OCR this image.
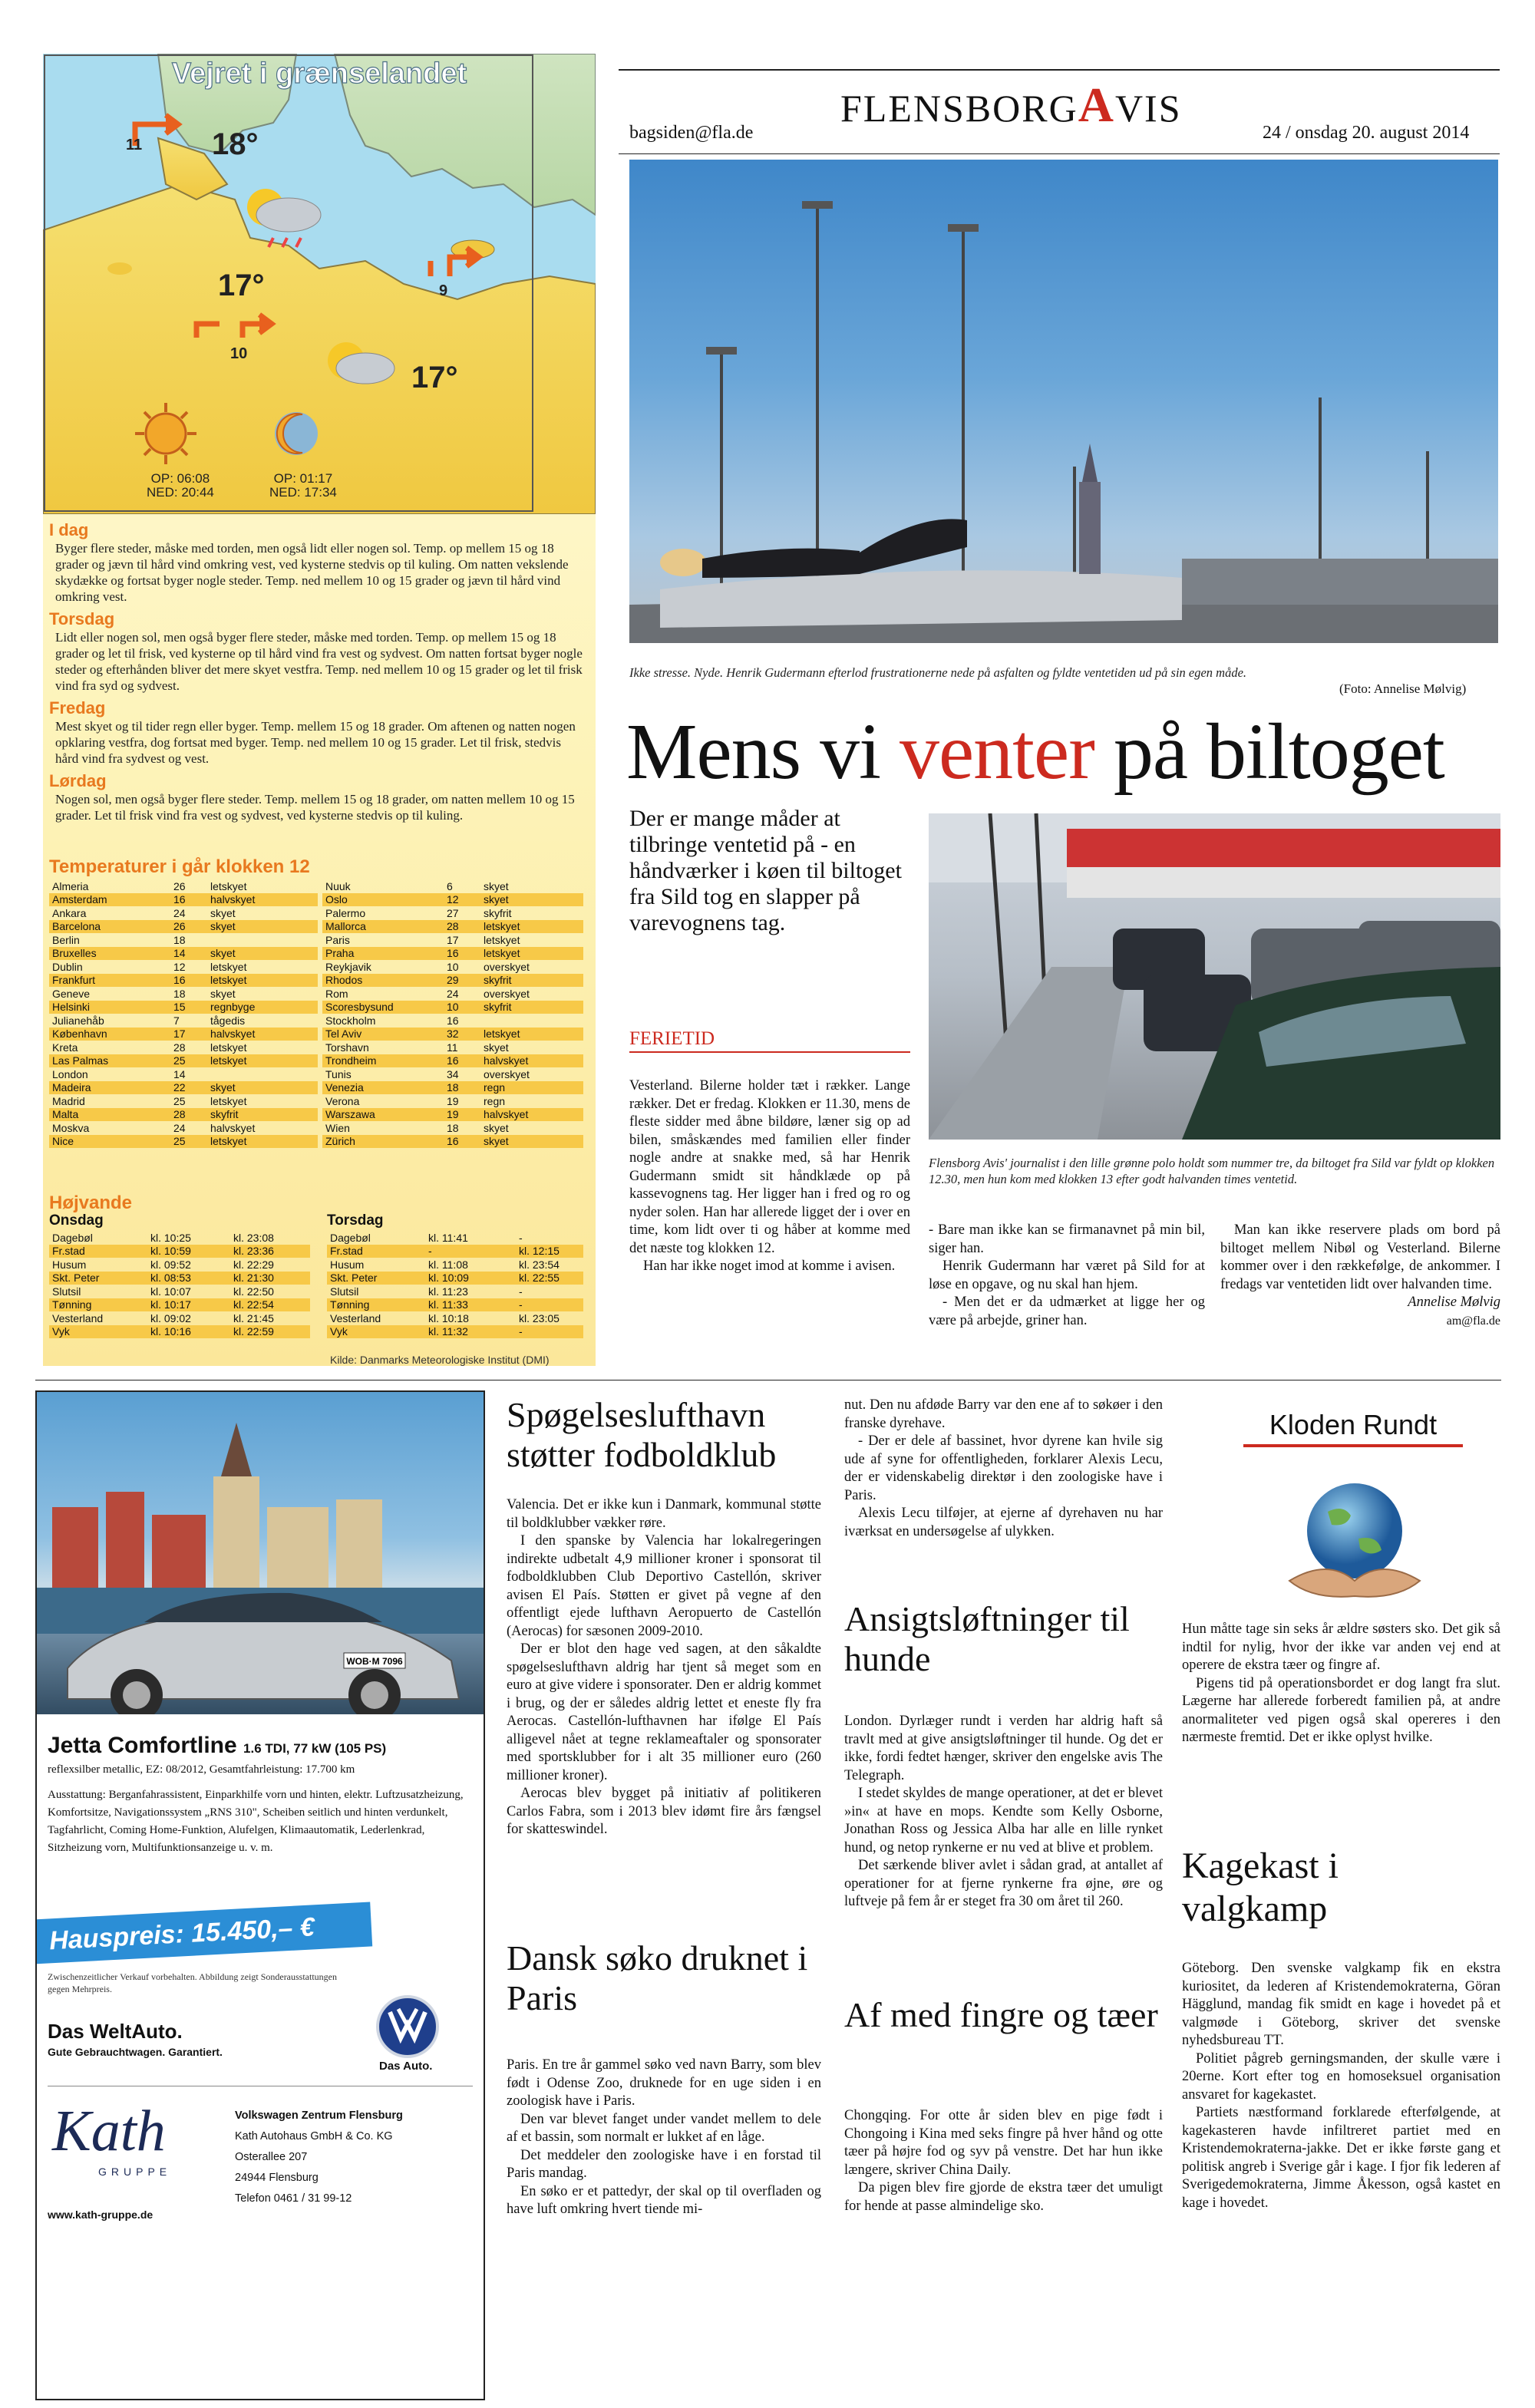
Vejret i grænselandet
11 18°
17°	9
10
17°
OP: 06:08
NED: 20:44
OP: 01:17
NED: 17:34
I dag
Byger flere steder, måske med torden, men også lidt eller nogen sol. Temp. op mellem 15 og 18 grader og jævn til hård vind omkring vest, ved kysterne stedvis op til kuling. Om natten vekslende skydække og fortsat byger nogle steder. Temp. ned mellem 10 og 15 grader og jævn til hård vind omkring vest.
Torsdag
Lidt eller nogen sol, men også byger flere steder, måske med torden. Temp. op mellem 15 og 18 grader og let til frisk, ved kysterne op til hård vind fra vest og sydvest. Om natten fortsat byger nogle steder og efterhånden bliver det mere skyet vestfra. Temp. ned mellem 10 og 15 grader og let til frisk vind fra syd og sydvest.
Fredag
Mest skyet og til tider regn eller byger. Temp. mellem 15 og 18 grader. Om aftenen og natten nogen opklaring vestfra, dog fortsat med byger. Temp. ned mellem 10 og 15 grader. Let til frisk, stedvis hård vind fra sydvest og vest.
Lørdag
Nogen sol, men også byger flere steder. Temp. mellem 15 og 18 grader, om natten mellem 10 og 15 grader. Let til frisk vind fra vest og sydvest, ved kysterne stedvis op til kuling.
Temperaturer i går klokken 12
Almeria	26	letskyet
Amsterdam	16	halvskyet
Ankara	24	skyet
Barcelona	26	skyet
Berlin	18	
Bruxelles	14	skyet
Dublin	12	letskyet
Frankfurt	16	letskyet
Geneve	18	skyet
Helsinki	15	regnbyge
Julianehåb	7	tågedis
København	17	halvskyet
Kreta	28	letskyet
Las Palmas	25	letskyet
London	14	
Madeira	22	skyet
Madrid	25	letskyet
Malta	28	skyfrit
Moskva	24	halvskyet
Nice	25	letskyet
Nuuk	6	skyet
Oslo	12	skyet
Palermo	27	skyfrit
Mallorca	28	letskyet
Paris	17	letskyet
Praha	16	letskyet
Reykjavik	10	overskyet
Rhodos	29	skyfrit
Rom	24	overskyet
Scoresbysund	10	skyfrit
Stockholm	16	
Tel Aviv	32	letskyet
Torshavn	11	skyet
Trondheim	16	halvskyet
Tunis	34	overskyet
Venezia	18	regn
Verona	19	regn
Warszawa	19	halvskyet
Wien	18	skyet
Zürich	16	skyet
Højvande
Onsdag	Torsdag
Dagebøl	kl. 10:25	kl. 23:08
Fr.stad	kl. 10:59	kl. 23:36
Husum	kl. 09:52	kl. 22:29
Skt. Peter	kl. 08:53	kl. 21:30
Slutsil	kl. 10:07	kl. 22:50
Tønning	kl. 10:17	kl. 22:54
Vesterland	kl. 09:02	kl. 21:45
Vyk	kl. 10:16	kl. 22:59
Dagebøl	kl. 11:41	-
Fr.stad	-	kl. 12:15
Husum	kl. 11:08	kl. 23:54
Skt. Peter	kl. 10:09	kl. 22:55
Slutsil	kl. 11:23	-
Tønning	kl. 11:33	-
Vesterland	kl. 10:18	kl. 23:05
Vyk	kl. 11:32	-
Kilde: Danmarks Meteorologiske Institut (DMI)
bagsiden@fla.de
FLENSBORGAVIS
24 / onsdag 20. august 2014
Ikke stresse. Nyde. Henrik Gudermann efterlod frustrationerne nede på asfalten og fyldte ventetiden ud på sin egen måde.
(Foto: Annelise Mølvig)
Mens vi venter på biltoget
Der er mange måder at tilbringe ventetid på - en håndværker i køen til biltoget fra Sild tog en slapper på varevognens tag.
FERIETID

Vesterland. Bilerne holder tæt i rækker. Lange rækker. Det er fredag. Klokken er 11.30, mens de fleste sidder med åbne bildøre, læner sig op ad bilen, småskændes med familien eller finder nogle andre at snakke med, så har Henrik Gudermann smidt sit håndklæde op på kassevognens tag. Her ligger han i fred og ro og nyder solen. Han har allerede ligget der i over en time, kom lidt over ti og håber at komme med det næste tog klokken 12.

Han har ikke noget imod at komme i avisen.

Flensborg Avis' journalist i den lille grønne polo holdt som nummer tre, da biltoget fra Sild var fyldt op klokken 12.30, men hun kom med klokken 13 efter godt halvanden times ventetid.

- Bare man ikke kan se firmanavnet på min bil, siger han.

Henrik Gudermann har været på Sild for at løse en opgave, og nu skal han hjem.

- Men det er da udmærket at ligge her og være på arbejde, griner han.

Man kan ikke reservere plads om bord på biltoget mellem Nibøl og Vesterland. Bilerne kommer over i den rækkefølge, de ankommer. I fredags var ventetiden lidt over halvanden time.

Annelise Mølvig
am@fla.de
WOB·M 7096
Jetta Comfortline 1.6 TDI, 77 kW (105 PS)
reflexsilber metallic, EZ: 08/2012, Gesamtfahrleistung: 17.700 km
Ausstattung: Berganfahrassistent, Einparkhilfe vorn und hinten, elektr. Luftzusatzheizung, Komfortsitze, Navigationssystem „RNS 310", Scheiben seitlich und hinten verdunkelt, Tagfahrlicht, Coming Home-Funktion, Alufelgen, Klimaautomatik, Lederlenkrad, Sitzheizung vorn, Multifunktionsanzeige u. v. m.
Hauspreis: 15.450,– €
Zwischenzeitlicher Verkauf vorbehalten. Abbildung zeigt Sonderausstattungen gegen Mehrpreis.
Das WeltAuto.
Gute Gebrauchtwagen. Garantiert.
Das Auto.
Kath
GRUPPE
www.kath-gruppe.de
Volkswagen Zentrum Flensburg
Kath Autohaus GmbH & Co. KG
Osterallee 207
24944 Flensburg
Telefon 0461 / 31 99-12
Spøgelseslufthavn støtter fodboldklub

Valencia. Det er ikke kun i Danmark, kommunal støtte til boldklubber vækker røre.

I den spanske by Valencia har lokalregeringen indirekte udbetalt 4,9 millioner kroner i sponsorat til fodboldklubben Club Deportivo Castellón, skriver avisen El País. Støtten er givet på vegne af den offentligt ejede lufthavn Aeropuerto de Castellón (Aerocas) for sæsonen 2009-2010.

Der er blot den hage ved sagen, at den såkaldte spøgelseslufthavn aldrig har tjent så meget som en euro at give videre i sponsorater. Den er aldrig kommet i brug, og der er således aldrig lettet et eneste fly fra Aerocas. Castellón-lufthavnen har ifølge El País alligevel nået at tegne reklameaftaler og sponsorater med sportsklubber for i alt 35 millioner euro (260 millioner kroner).

Aerocas blev bygget på initiativ af politikeren Carlos Fabra, som i 2013 blev idømt fire års fængsel for skatteswindel.

Dansk søko druknet i Paris

Paris. En tre år gammel søko ved navn Barry, som blev født i Odense Zoo, druknede for en uge siden i en zoologisk have i Paris.

Den var blevet fanget under vandet mellem to dele af et bassin, som normalt er lukket af en låge.

Det meddeler den zoologiske have i en forstad til Paris mandag.

En søko er et pattedyr, der skal op til overfladen og have luft omkring hvert tiende mi-

nut. Den nu afdøde Barry var den ene af to søkøer i den franske dyrehave.

- Der er dele af bassinet, hvor dyrene kan hvile sig ude af syne for offentligheden, forklarer Alexis Lecu, der er videnskabelig direktør i den zoologiske have i Paris.

Alexis Lecu tilføjer, at ejerne af dyrehaven nu har iværksat en undersøgelse af ulykken.

Ansigtsløftninger til hunde

London. Dyrlæger rundt i verden har aldrig haft så travlt med at give ansigtsløftninger til hunde. Og det er ikke, fordi fedtet hænger, skriver den engelske avis The Telegraph.

I stedet skyldes de mange operationer, at det er blevet »in« at have en mops. Kendte som Kelly Osborne, Jonathan Ross og Jessica Alba har alle en lille rynket hund, og netop rynkerne er nu ved at blive et problem.

Det særkende bliver avlet i sådan grad, at antallet af operationer for at fjerne rynkerne fra øjne, øre og luftveje på fem år er steget fra 30 om året til 260.

Af med fingre og tæer

Chongqing. For otte år siden blev en pige født i Chongoing i Kina med seks fingre på hver hånd og otte tæer på højre fod og syv på venstre. Det har hun ikke længere, skriver China Daily.

Da pigen blev fire gjorde de ekstra tæer det umuligt for hende at passe almindelige sko.

Kloden Rundt

Hun måtte tage sin seks år ældre søsters sko. Det gik så indtil for nylig, hvor der ikke var anden vej end at operere de ekstra tæer og fingre af.

Pigens tid på operationsbordet er dog langt fra slut. Lægerne har allerede forberedt familien på, at andre anormaliteter ved pigen også skal opereres i den nærmeste fremtid. Det er ikke oplyst hvilke.

Kagekast i valgkamp

Göteborg. Den svenske valgkamp fik en ekstra kuriositet, da lederen af Kristendemokraterna, Göran Hägglund, mandag fik smidt en kage i hovedet på et valgmøde i Göteborg, skriver det svenske nyhedsbureau TT.

Politiet pågreb gerningsmanden, der skulle være i 20erne. Kort efter tog en homoseksuel organisation ansvaret for kagekastet.

Partiets næstformand forklarede efterfølgende, at kagekasteren havde infiltreret partiet med en Kristendemokraterna-jakke. Det er ikke første gang et politisk angreb i Sverige går i kage. I fjor fik lederen af Sverigedemokraterna, Jimme Åkesson, også kastet en kage i hovedet.
